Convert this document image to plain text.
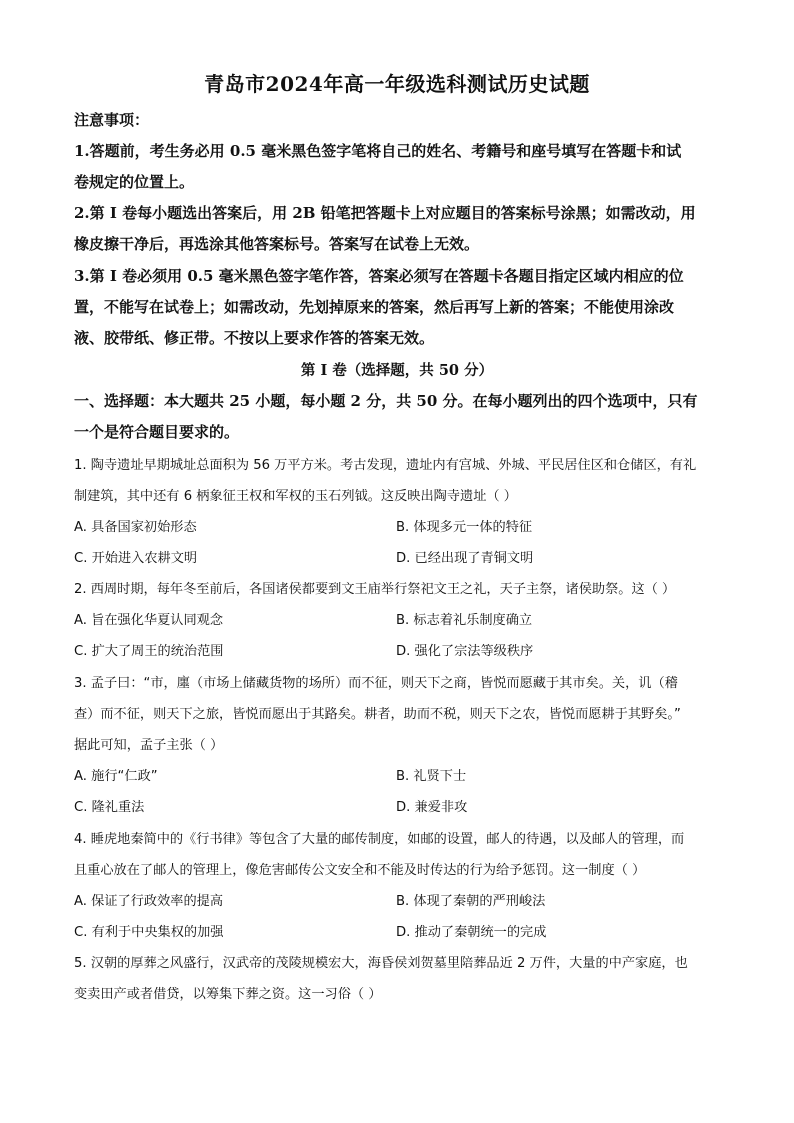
青岛市2024年高一年级选科测试历史试题
注意事项：
1.答题前，考生务必用 0.5 毫米黑色签字笔将自己的姓名、考籍号和座号填写在答题卡和试
卷规定的位置上。
2.第 I 卷每小题选出答案后，用 2B 铅笔把答题卡上对应题目的答案标号涂黑；如需改动，用
橡皮擦干净后，再选涂其他答案标号。答案写在试卷上无效。
3.第 I 卷必须用 0.5 毫米黑色签字笔作答，答案必须写在答题卡各题目指定区域内相应的位
置，不能写在试卷上；如需改动，先划掉原来的答案，然后再写上新的答案；不能使用涂改
液、胶带纸、修正带。不按以上要求作答的答案无效。
第 I 卷（选择题，共 50 分）
一、选择题：本大题共 25 小题，每小题 2 分，共 50 分。在每小题列出的四个选项中，只有
一个是符合题目要求的。
1. 陶寺遗址早期城址总面积为 56 万平方米。考古发现，遗址内有宫城、外城、平民居住区和仓储区，有礼
制建筑，其中还有 6 柄象征王权和军权的玉石列钺。这反映出陶寺遗址（ ）
A. 具备国家初始形态	B. 体现多元一体的特征
C. 开始进入农耕文明	D. 已经出现了青铜文明
2. 西周时期，每年冬至前后，各国诸侯都要到文王庙举行祭祀文王之礼，天子主祭，诸侯助祭。这（ ）
A. 旨在强化华夏认同观念	B. 标志着礼乐制度确立
C. 扩大了周王的统治范围	D. 强化了宗法等级秩序
3. 孟子曰：“市，廛（市场上储藏货物的场所）而不征，则天下之商，皆悦而愿藏于其市矣。关，讥（稽
查）而不征，则天下之旅，皆悦而愿出于其路矣。耕者，助而不税，则天下之农，皆悦而愿耕于其野矣。”
据此可知，孟子主张（ ）
A. 施行“仁政”	B. 礼贤下士
C. 隆礼重法	D. 兼爱非攻
4. 睡虎地秦简中的《行书律》等包含了大量的邮传制度，如邮的设置，邮人的待遇，以及邮人的管理，而
且重心放在了邮人的管理上，像危害邮传公文安全和不能及时传达的行为给予惩罚。这一制度（ ）
A. 保证了行政效率的提高	B. 体现了秦朝的严刑峻法
C. 有利于中央集权的加强	D. 推动了秦朝统一的完成
5. 汉朝的厚葬之风盛行，汉武帝的茂陵规模宏大，海昏侯刘贺墓里陪葬品近 2 万件，大量的中产家庭，也
变卖田产或者借贷，以筹集下葬之资。这一习俗（ ）
